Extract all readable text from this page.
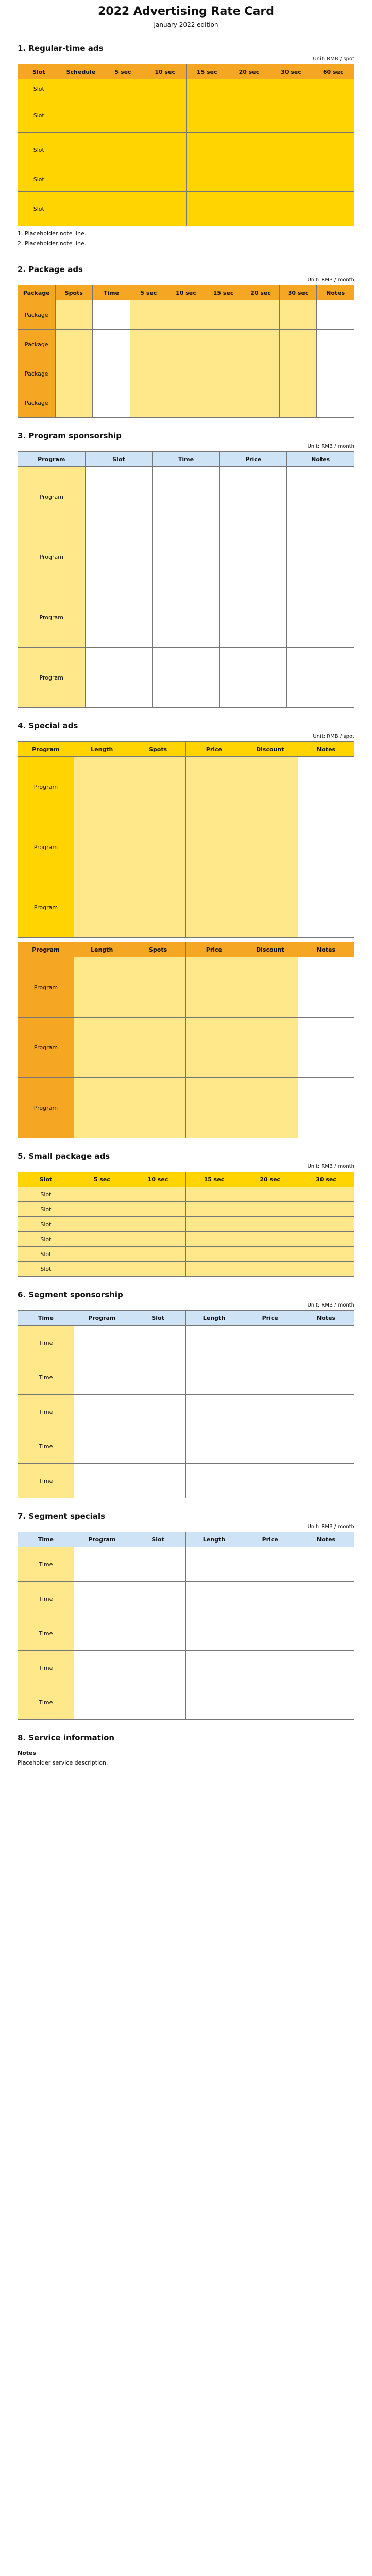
2022 Advertising Rate Card
January 2022 edition
1. Regular-time ads
Unit: RMB / spot
Slot	Schedule	5 sec	10 sec	15 sec	20 sec	30 sec	60 sec
Slot							
Slot							
Slot							
Slot							
Slot							
1. Placeholder note line.
2. Placeholder note line.
2. Package ads
Unit: RMB / month
Package	Spots	Time	5 sec	10 sec	15 sec	20 sec	30 sec	Notes
Package								
Package								
Package								
Package								
3. Program sponsorship
Unit: RMB / month
Program	Slot	Time	Price	Notes
Program				
Program				
Program				
Program				
4. Special ads
Unit: RMB / spot
Program	Length	Spots	Price	Discount	Notes
Program					
Program					
Program					
Program	Length	Spots	Price	Discount	Notes
Program					
Program					
Program					
5. Small package ads
Unit: RMB / month
Slot	5 sec	10 sec	15 sec	20 sec	30 sec
Slot					
Slot					
Slot					
Slot					
Slot					
Slot					
6. Segment sponsorship
Unit: RMB / month
Time	Program	Slot	Length	Price	Notes
Time					
Time					
Time					
Time					
Time					
7. Segment specials
Unit: RMB / month
Time	Program	Slot	Length	Price	Notes
Time					
Time					
Time					
Time					
Time					
8. Service information
Notes
Placeholder service description.
